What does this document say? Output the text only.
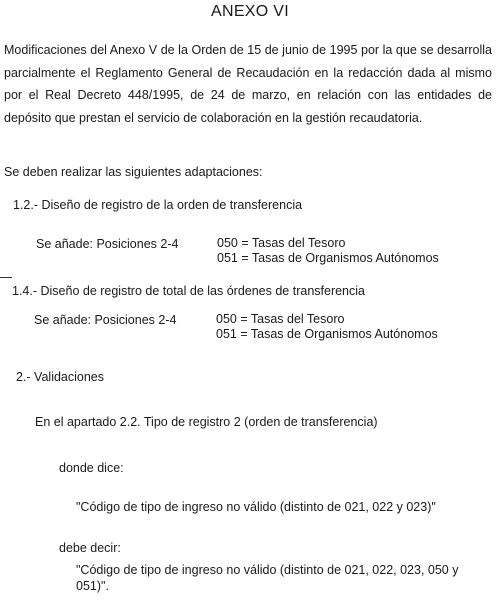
ANEXO VI
Modificaciones del Anexo V de la Orden de 15 de junio de 1995 por la que se desarrolla parcialmente el Reglamento General de Recaudación en la redacción dada al mismo por el Real Decreto 448/1995, de 24 de marzo, en relación con las entidades de depósito que prestan el servicio de colaboración en la gestión recaudatoria.
Se deben realizar las siguientes adaptaciones:
1.2.- Diseño de registro de la orden de transferencia
Se añade: Posiciones 2-4	050 = Tasas del Tesoro
051 = Tasas de Organismos Autónomos
1.4.- Diseño de registro de total de las órdenes de transferencia
Se añade: Posiciones 2-4	050 = Tasas del Tesoro
051 = Tasas de Organismos Autónomos
2.- Validaciones
En el apartado 2.2. Tipo de registro 2 (orden de transferencia)
donde dice:
"Código de tipo de ingreso no válido (distinto de 021, 022 y 023)"
debe decir:
"Código de tipo de ingreso no válido (distinto de 021, 022, 023, 050 y 051)".
